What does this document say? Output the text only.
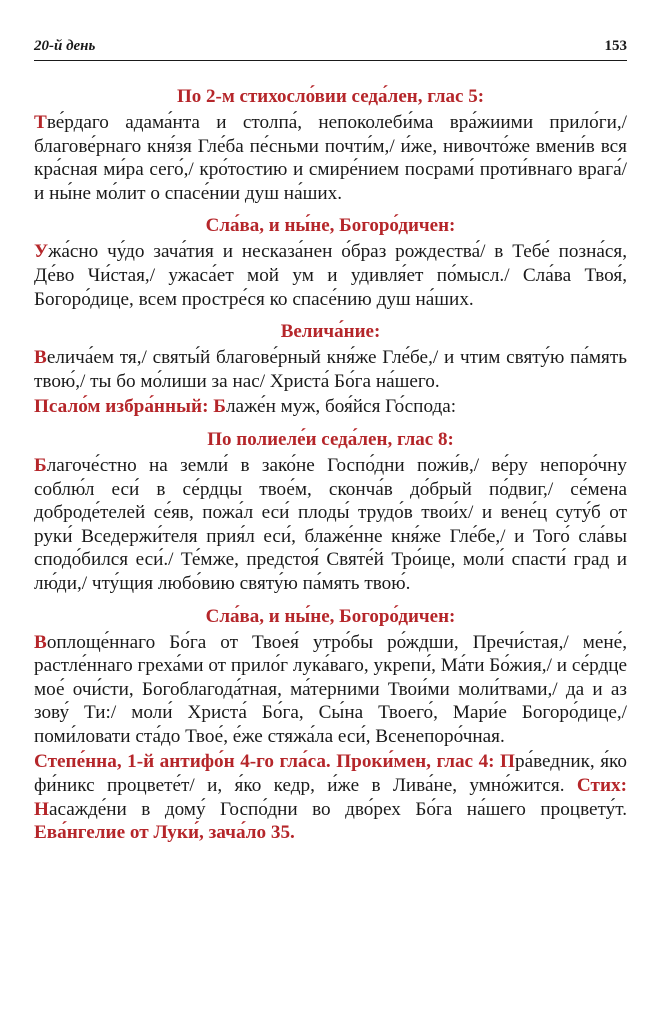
20-й день	153

По 2-м стихосло́вии седа́лен, глас 5:

Тве́рдаго адама́нта и столпа́, непоколеби́ма вра́жиими прило́ги,/ благове́рнаго кня́зя Гле́ба пе́сньми почти́м,/ и́же, нивочто́же вмени́в вся кра́сная ми́ра сего́,/ кро́тостию и смире́нием посрами́ проти́внаго врага́/ и ны́не мо́лит о спасе́нии душ на́ших.

Сла́ва, и ны́не, Богоро́дичен:

Ужа́сно чу́до зача́тия и несказа́нен о́браз рождества́/ в Тебе́ позна́ся, Де́во Чи́стая,/ ужаса́ет мой ум и удивля́ет по́мысл./ Сла́ва Твоя́, Богоро́дице, всем простре́ся ко спасе́нию душ на́ших.

Велича́ние:

Велича́ем тя,/ святы́й благове́рный кня́же Гле́бе,/ и чтим святу́ю па́мять твою́,/ ты бо мо́лиши за нас/ Христа́ Бо́га на́шего.

Псало́м избра́нный: Блаже́н муж, боя́йся Го́спода:

По полиеле́и седа́лен, глас 8:

Благоче́стно на земли́ в зако́не Госпо́дни пожи́в,/ ве́ру непоро́чну соблю́л еси́ в се́рдцы твое́м, сконча́в до́брый по́двиг,/ се́мена доброде́телей се́яв, пожа́л еси́ плоды́ трудо́в твои́х/ и вене́ц суту́б от руки́ Вседержи́теля прия́л еси́, блаже́нне кня́же Гле́бе,/ и Того́ сла́вы сподо́бился еси́./ Те́мже, предстоя́ Святе́й Тро́ице, моли́ спасти́ град и лю́ди,/ чту́щия любо́вию святу́ю па́мять твою́.

Сла́ва, и ны́не, Богоро́дичен:

Воплоще́ннаго Бо́га от Твоея́ утро́бы ро́ждши, Пречи́стая,/ мене́, растле́ннаго греха́ми от прило́г лука́ваго, укрепи́, Ма́ти Бо́жия,/ и се́рдце мое́ очи́сти, Богоблагода́тная, ма́терними Твои́ми моли́твами,/ да и аз зову́ Ти:/ моли́ Христа́ Бо́га, Сы́на Твоего́, Мари́е Богоро́дице,/ поми́ловати ста́до Твое́, е́же стяжа́ла еси́, Всенепоро́чная.

Степе́нна, 1-й антифо́н 4-го гла́са. Проки́мен, глас 4: Пра́ведник, я́ко фи́никс процвете́т/ и, я́ко кедр, и́же в Лива́не, умно́жится. Стих: Насажде́ни в дому́ Госпо́дни во дво́рех Бо́га на́шего процвету́т. Ева́нгелие от Луки́, зача́ло 35.
